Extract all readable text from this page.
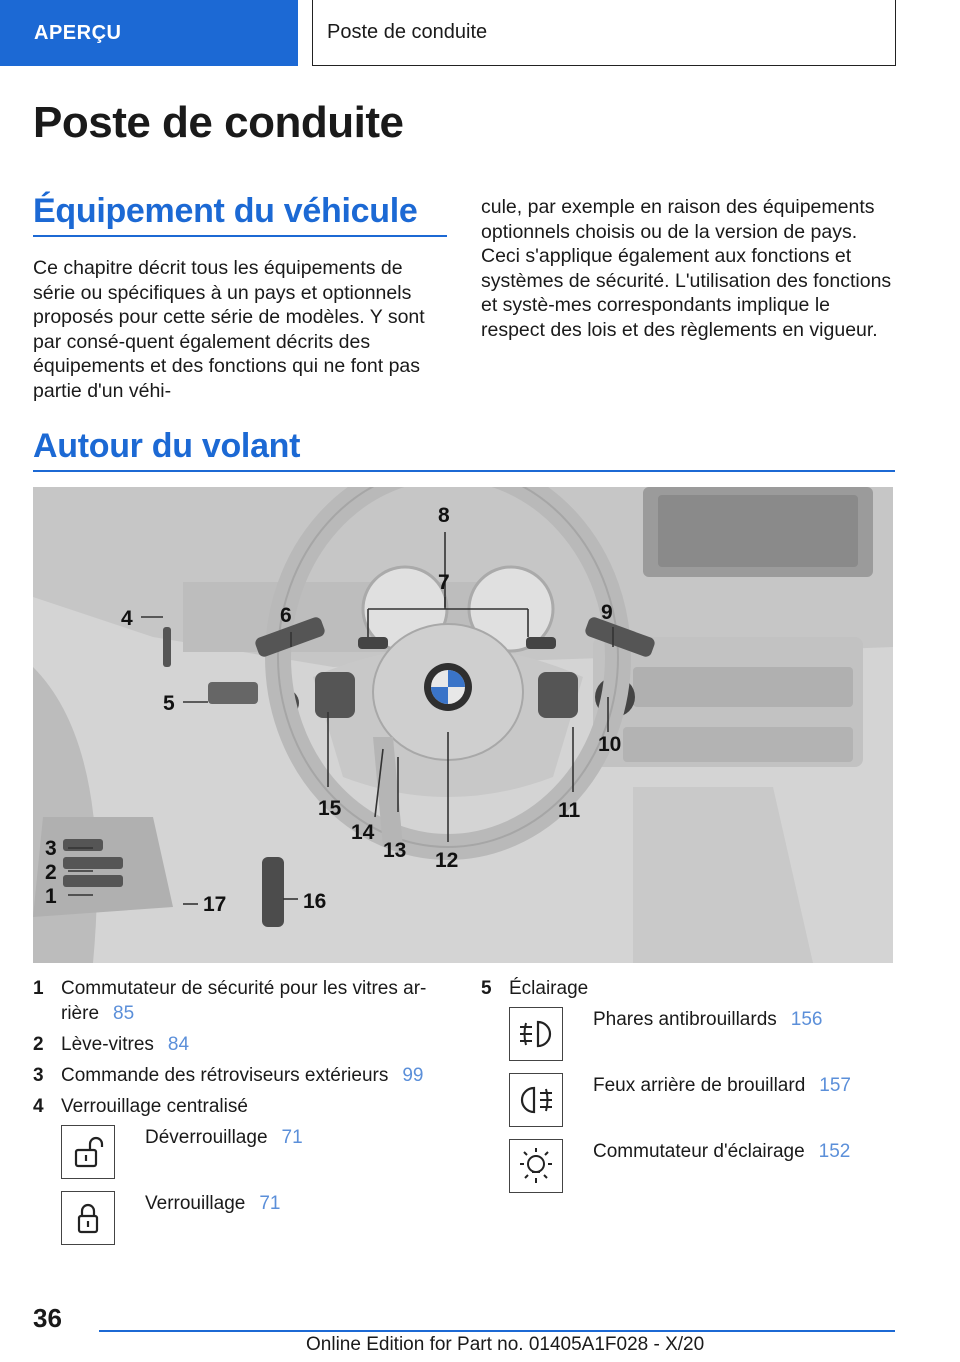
APERÇU	Poste de conduite
Poste de conduite
Équipement du véhicule

Ce chapitre décrit tous les équipements de série ou spécifiques à un pays et optionnels proposés pour cette série de modèles. Y sont par consé-quent également décrits des équipements et des fonctions qui ne font pas partie d'un véhi-

cule, par exemple en raison des équipements optionnels choisis ou de la version de pays. Ceci s'applique également aux fonctions et systèmes de sécurité. L'utilisation des fonctions et systè-mes correspondants implique le respect des lois et des règlements en vigueur.

Autour du volant
8
7
6	9
4
5
10
11
15
14
13 12
16
17
3
2
1
1 Commutateur de sécurité pour les vitres ar-rière 85
2 Lève-vitres 84
3 Commande des rétroviseurs extérieurs 99
4 Verrouillage centralisé
Déverrouillage 71
Verrouillage 71
5 Éclairage
Phares antibrouillards 156
Feux arrière de brouillard 157
Commutateur d'éclairage 152
36
Online Edition for Part no. 01405A1F028 - X/20
